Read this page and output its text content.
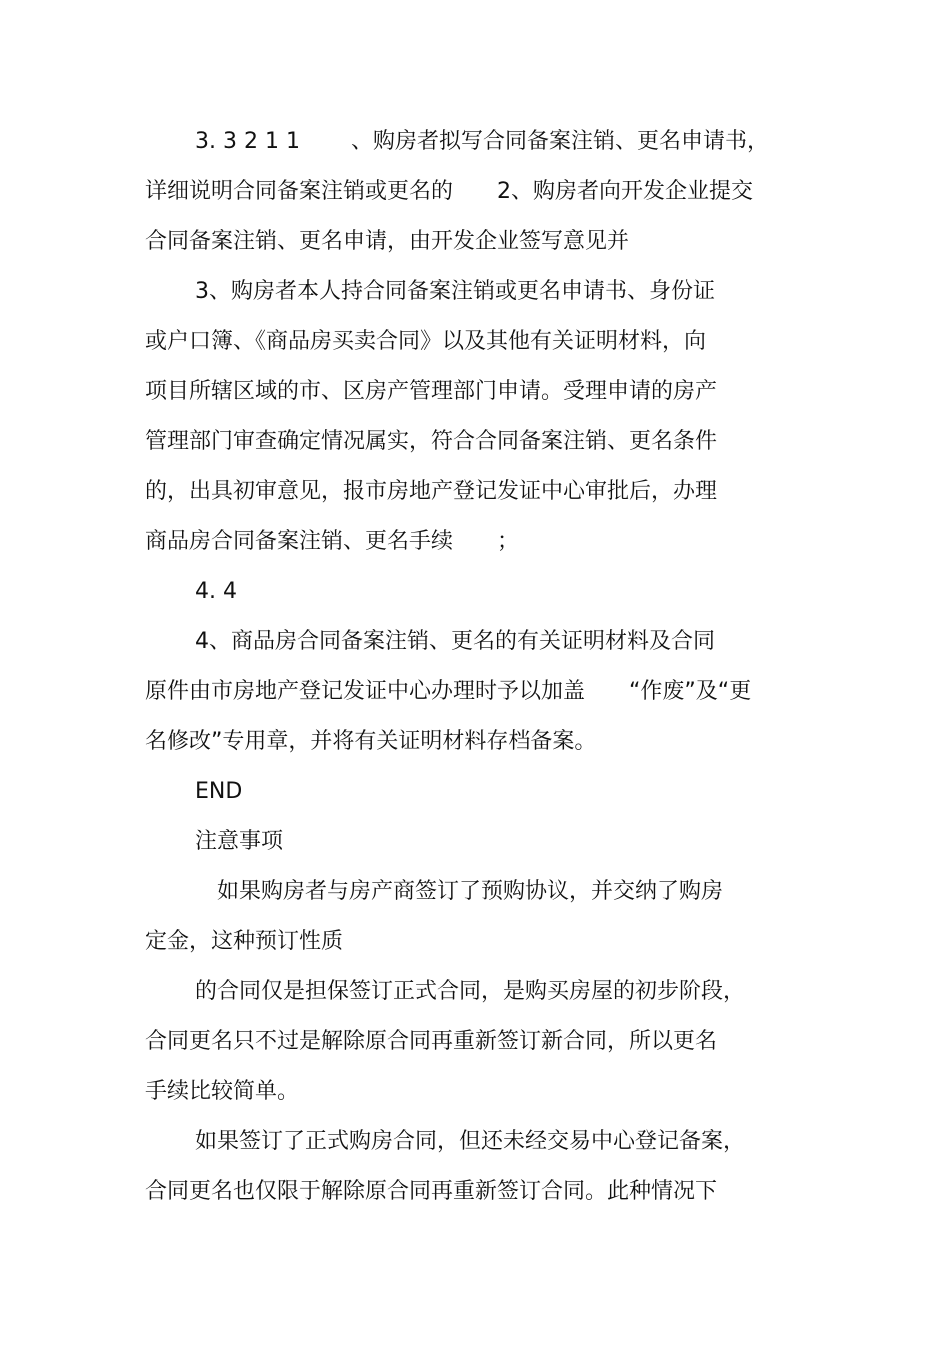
3. 3 2 1 1 　　、购房者拟写合同备案注销、更名申请书，

详细说明合同备案注销或更名的　　2、购房者向开发企业提交

合同备案注销、更名申请，由开发企业签写意见并

3、购房者本人持合同备案注销或更名申请书、身份证

或户口簿、《商品房买卖合同》以及其他有关证明材料，向

项目所辖区域的市、区房产管理部门申请。受理申请的房产

管理部门审查确定情况属实，符合合同备案注销、更名条件

的，出具初审意见，报市房地产登记发证中心审批后，办理

商品房合同备案注销、更名手续　　；

4. 4

4、商品房合同备案注销、更名的有关证明材料及合同

原件由市房地产登记发证中心办理时予以加盖　　“作废”及“更

名修改”专用章，并将有关证明材料存档备案。

END

注意事项

　如果购房者与房产商签订了预购协议，并交纳了购房

定金，这种预订性质

的合同仅是担保签订正式合同，是购买房屋的初步阶段，

合同更名只不过是解除原合同再重新签订新合同，所以更名

手续比较简单。

如果签订了正式购房合同，但还未经交易中心登记备案，

合同更名也仅限于解除原合同再重新签订合同。此种情况下
